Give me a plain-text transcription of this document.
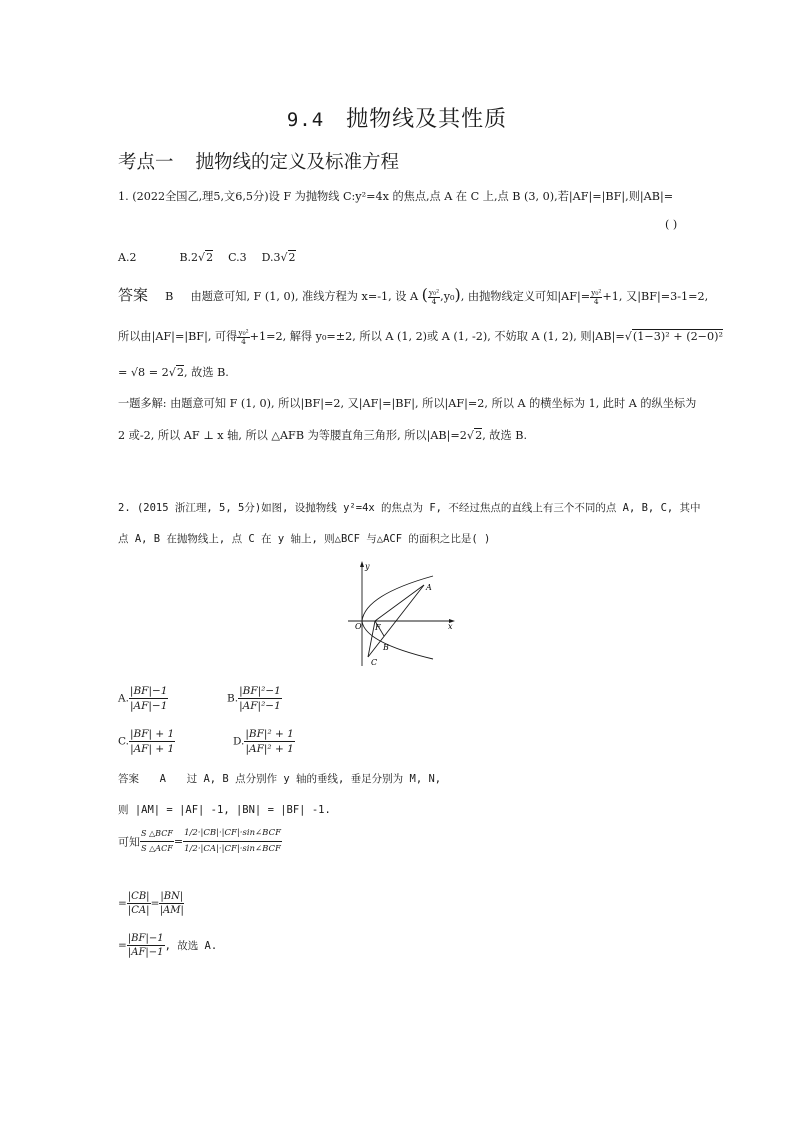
9.4 抛物线及其性质
考点一 抛物线的定义及标准方程
1. (2022全国乙,理5,文6,5分)设 F 为抛物线 C:y²=4x 的焦点,点 A 在 C 上,点 B (3, 0),若|AF|=|BF|,则|AB|=
( )
A.2	B.2√2 C.3 D.3√2
答案 B 由题意可知, F (1, 0), 准线方程为 x=-1, 设 A ( $\frac{\text{y₀²}}{4} ,y_0$), 由抛物线定义可知$|AF|= \frac{\text{y₀²}}{4} +1$, 又|BF|=3-1=2,
所以由|AF|=|BF|, 可得 $\frac{\text{y₀²}}{4} +1=2$, 解得 y₀=±2, 所以 A (1, 2)或 A (1, -2), 不妨取 A (1, 2), 则|AB|=√(1−3)² + (2−0)²
= √8 = 2√2, 故选 B.
一题多解: 由题意可知 F (1, 0), 所以|BF|=2, 又|AF|=|BF|, 所以|AF|=2, 所以 A 的横坐标为 1, 此时 A 的纵坐标为
2 或-2, 所以 AF ⊥ x 轴, 所以 △AFB 为等腰直角三角形, 所以|AB|=2√2, 故选 B.
2. (2015 浙江理, 5, 5分)如图, 设抛物线 y²=4x 的焦点为 F, 不经过焦点的直线上有三个不同的点 A, B, C, 其中
点 A, B 在抛物线上, 点 C 在 y 轴上, 则△BCF 与△ACF 的面积之比是( )
y
x
O F
A
B
C
A. $\frac{|BF|-1}{|AF|-1}$	B. $\frac{\text{|BF|²−1}}{\text{|AF|²−1}}$
C. $\frac{|BF| + 1}{|AF| + 1}$	D. $\frac{\text{|BF|² + 1}}{\text{|AF|² + 1}}$
答案 A 过 A, B 点分别作 y 轴的垂线, 垂足分别为 M, N,
则 |AM| = |AF| -1, |BN| = |BF| -1.
可知 $\frac{\text{S △BCF}}{\text{S △ACF}} = \frac{\text{1/2·|CB|·|CF|·sin∠BCF}}{\text{1/2·|CA|·|CF|·sin∠BCF}}$
= $\frac{|CB|}{|CA|} = \frac{|BN|}{|AM|}$
= $\frac{|BF|-1}{|AF|-1}$ , 故选 A.
